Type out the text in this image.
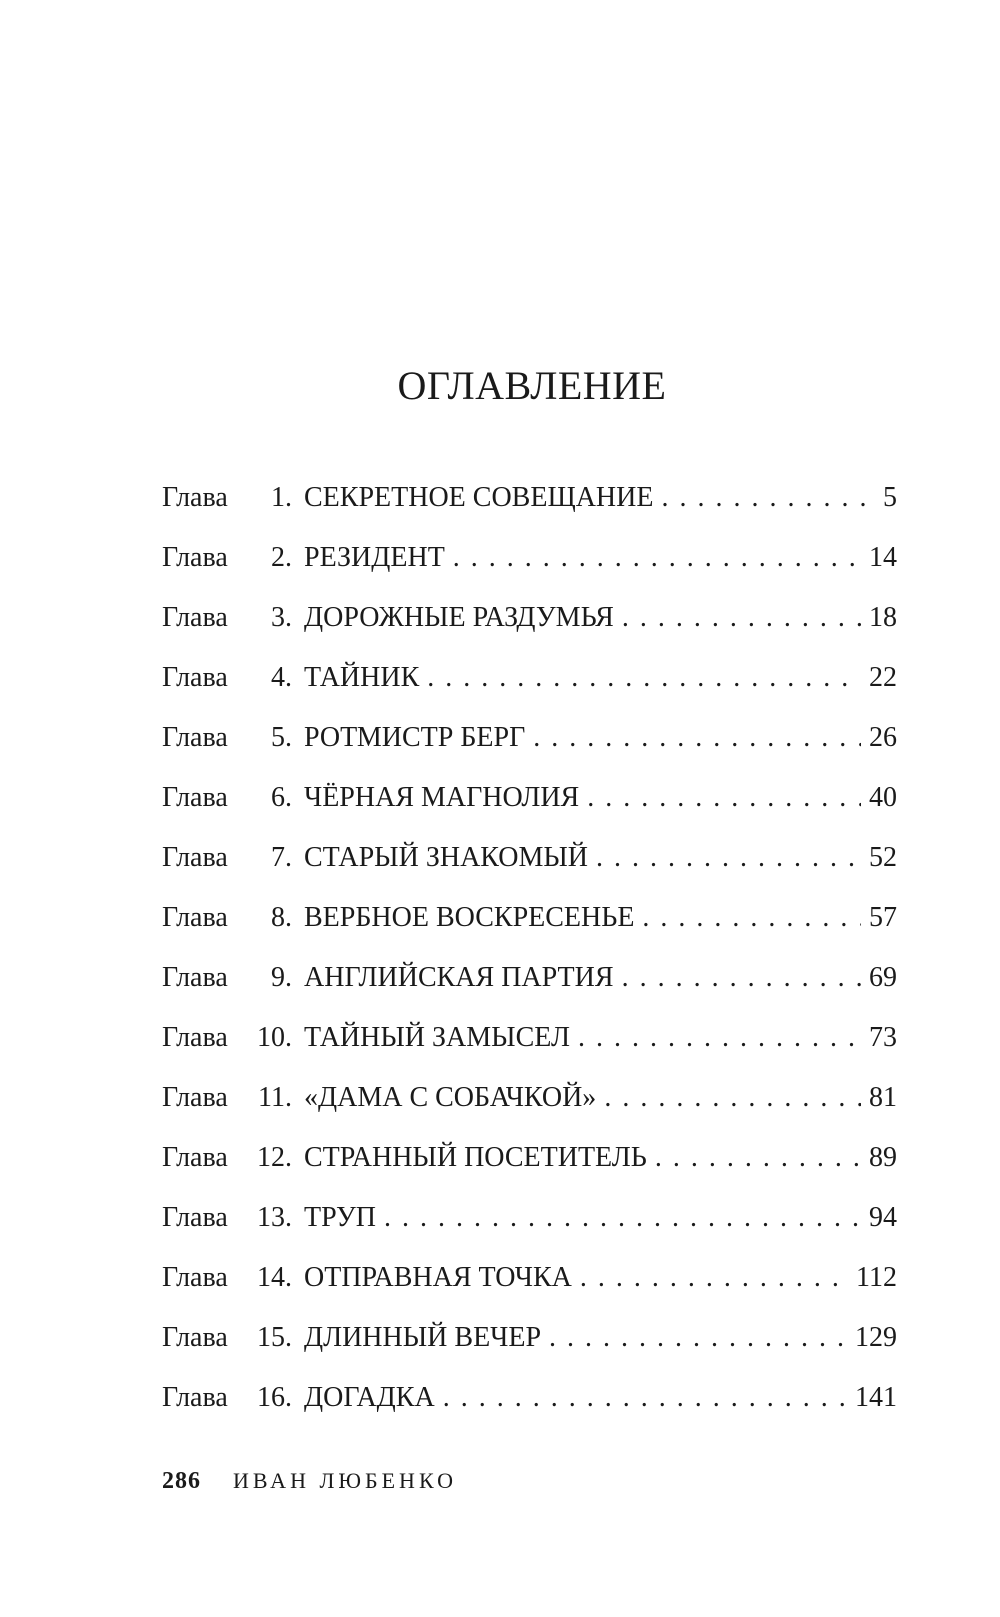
ОГЛАВЛЕНИЕ
Глава	1. СЕКРЕТНОЕ СОВЕЩАНИЕ . . .	5
Глава	2. РЕЗИДЕНТ . . .	14
Глава	3. ДОРОЖНЫЕ РАЗДУМЬЯ . . .	18
Глава	4. ТАЙНИК . . .	22
Глава	5. РОТМИСТР БЕРГ . . .	26
Глава	6. ЧЁРНАЯ МАГНОЛИЯ . . .	40
Глава	7. СТАРЫЙ ЗНАКОМЫЙ . . .	52
Глава	8. ВЕРБНОЕ ВОСКРЕСЕНЬЕ . . .	57
Глава	9. АНГЛИЙСКАЯ ПАРТИЯ . . .	69
Глава	10. ТАЙНЫЙ ЗАМЫСЕЛ . . .	73
Глава	11. «ДАМА С СОБАЧКОЙ» . . .	81
Глава	12. СТРАННЫЙ ПОСЕТИТЕЛЬ . . .	89
Глава	13. ТРУП . . .	94
Глава	14. ОТПРАВНАЯ ТОЧКА . . .	112
Глава	15. ДЛИННЫЙ ВЕЧЕР . . .	129
Глава	16. ДОГАДКА . . .	141
286 ИВАН ЛЮБЕНКО
